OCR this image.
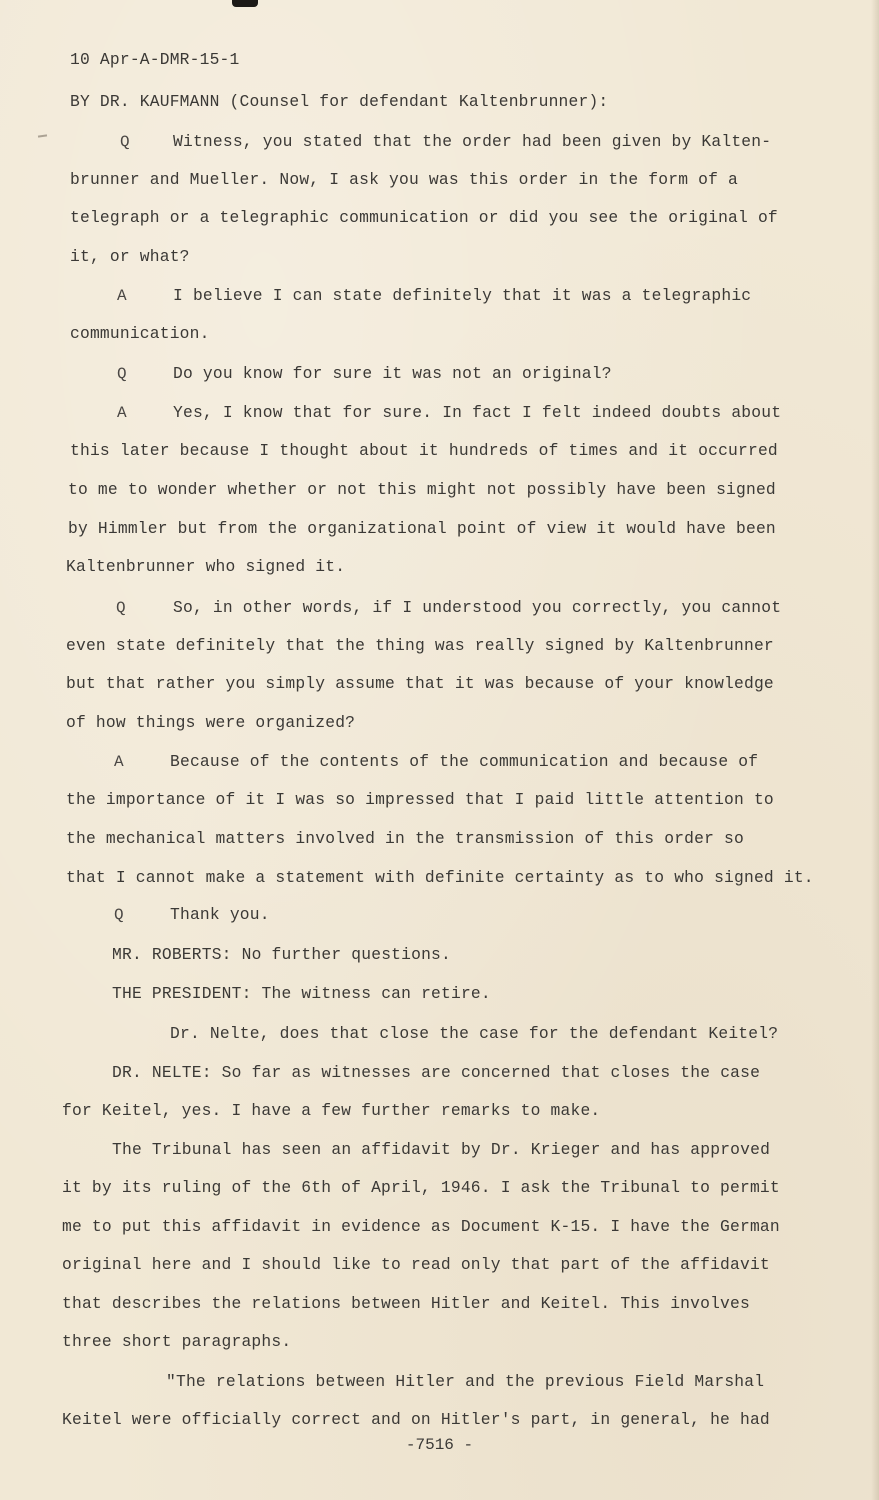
10 Apr-A-DMR-15-1
BY DR. KAUFMANN (Counsel for defendant Kaltenbrunner):
Q	Witness, you stated that the order had been given by Kalten-
brunner and Mueller. Now, I ask you was this order in the form of a
telegraph or a telegraphic communication or did you see the original of
it, or what?
A	I believe I can state definitely that it was a telegraphic
communication.
Q	Do you know for sure it was not an original?
A	Yes, I know that for sure. In fact I felt indeed doubts about
this later because I thought about it hundreds of times and it occurred
to me to wonder whether or not this might not possibly have been signed
by Himmler but from the organizational point of view it would have been
Kaltenbrunner who signed it.
Q	So, in other words, if I understood you correctly, you cannot
even state definitely that the thing was really signed by Kaltenbrunner
but that rather you simply assume that it was because of your knowledge
of how things were organized?
A	Because of the contents of the communication and because of
the importance of it I was so impressed that I paid little attention to
the mechanical matters involved in the transmission of this order so
that I cannot make a statement with definite certainty as to who signed it.
Q	Thank you.
MR. ROBERTS: No further questions.
THE PRESIDENT: The witness can retire.
Dr. Nelte, does that close the case for the defendant Keitel?
DR. NELTE: So far as witnesses are concerned that closes the case
for Keitel, yes. I have a few further remarks to make.
The Tribunal has seen an affidavit by Dr. Krieger and has approved
it by its ruling of the 6th of April, 1946. I ask the Tribunal to permit
me to put this affidavit in evidence as Document K-15. I have the German
original here and I should like to read only that part of the affidavit
that describes the relations between Hitler and Keitel. This involves
three short paragraphs.
"The relations between Hitler and the previous Field Marshal
Keitel were officially correct and on Hitler's part, in general, he had
-7516 -
